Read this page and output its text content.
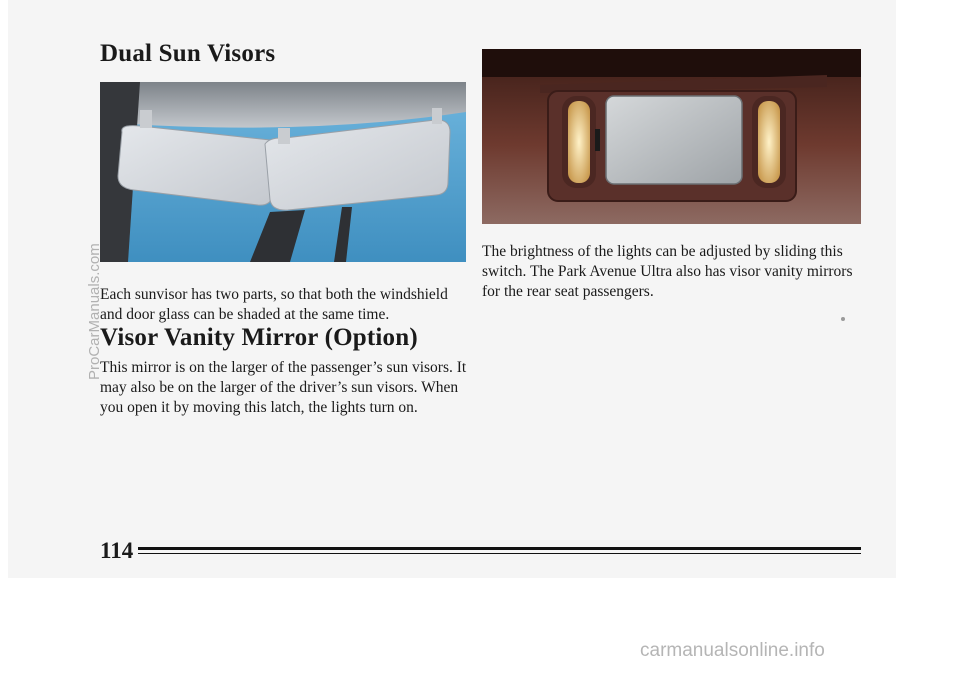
Dual Sun Visors

Each sunvisor has two parts, so that both the windshield and door glass can be shaded at the same time.

Visor Vanity Mirror (Option)

This mirror is on the larger of the passenger’s sun visors. It may also be on the larger of the driver’s sun visors. When you open it by moving this latch, the lights turn on.

The brightness of the lights can be adjusted by sliding this switch. The Park Avenue Ultra also has visor vanity mirrors for the rear seat passengers.

114

ProCarManuals.com
carmanualsonline.info
